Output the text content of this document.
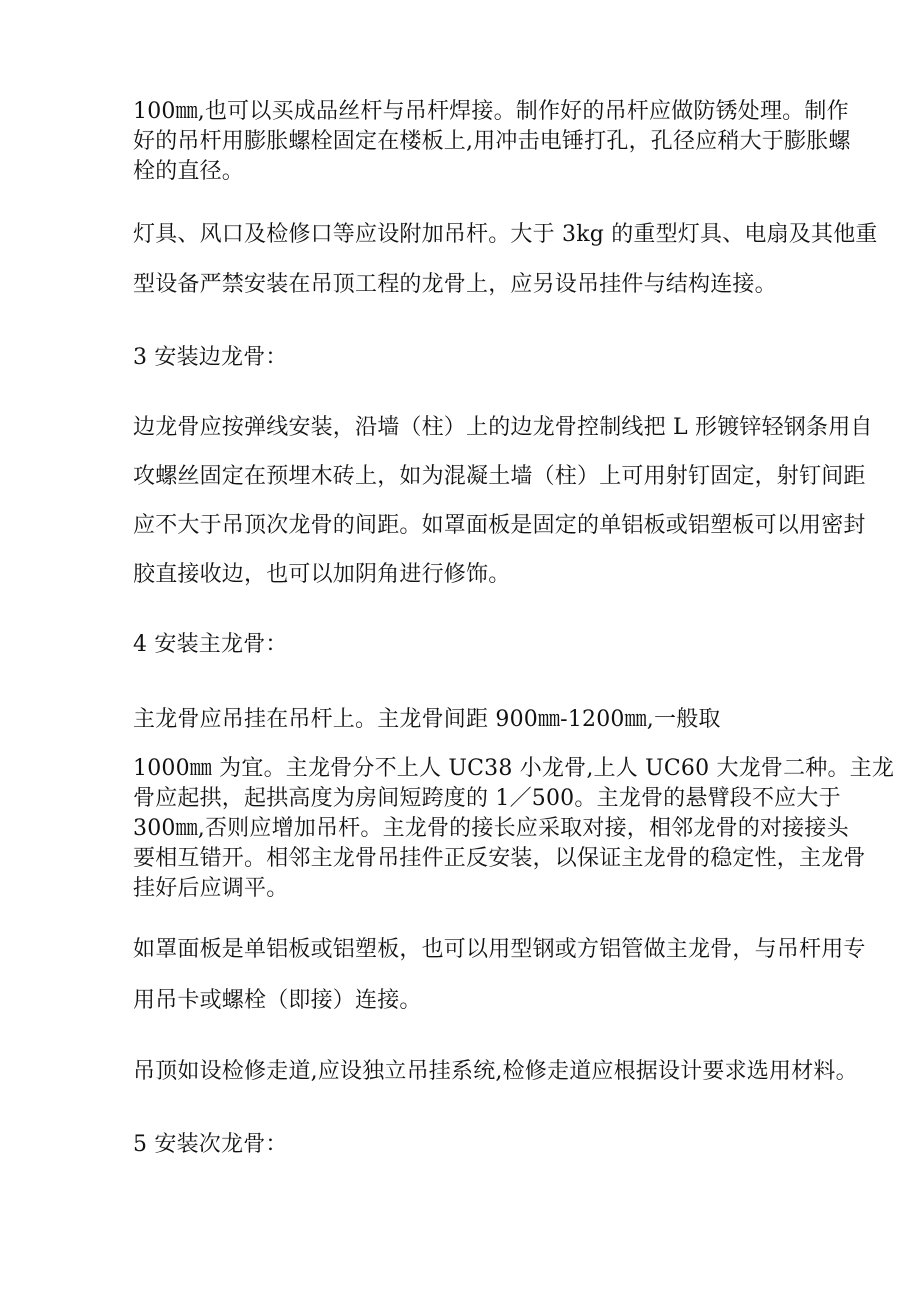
100㎜,也可以买成品丝杆与吊杆焊接。制作好的吊杆应做防锈处理。制作
好的吊杆用膨胀螺栓固定在楼板上,用冲击电锤打孔，孔径应稍大于膨胀螺
栓的直径。
灯具、风口及检修口等应设附加吊杆。大于 3kg 的重型灯具、电扇及其他重
型设备严禁安装在吊顶工程的龙骨上，应另设吊挂件与结构连接。
3 安装边龙骨：
边龙骨应按弹线安装，沿墙（柱）上的边龙骨控制线把 L 形镀锌轻钢条用自
攻螺丝固定在预埋木砖上，如为混凝土墙（柱）上可用射钉固定，射钉间距
应不大于吊顶次龙骨的间距。如罩面板是固定的单铝板或铝塑板可以用密封
胶直接收边，也可以加阴角进行修饰。
4 安装主龙骨：
主龙骨应吊挂在吊杆上。主龙骨间距 900㎜-1200㎜,一般取
1000㎜ 为宜。主龙骨分不上人 UC38 小龙骨,上人 UC60 大龙骨二种。主龙
骨应起拱，起拱高度为房间短跨度的 1／500。主龙骨的悬臂段不应大于
300㎜,否则应增加吊杆。主龙骨的接长应采取对接，相邻龙骨的对接接头
要相互错开。相邻主龙骨吊挂件正反安装，以保证主龙骨的稳定性，主龙骨
挂好后应调平。
如罩面板是单铝板或铝塑板，也可以用型钢或方铝管做主龙骨，与吊杆用专
用吊卡或螺栓（即接）连接。
吊顶如设检修走道,应设独立吊挂系统,检修走道应根据设计要求选用材料。
5 安装次龙骨：
